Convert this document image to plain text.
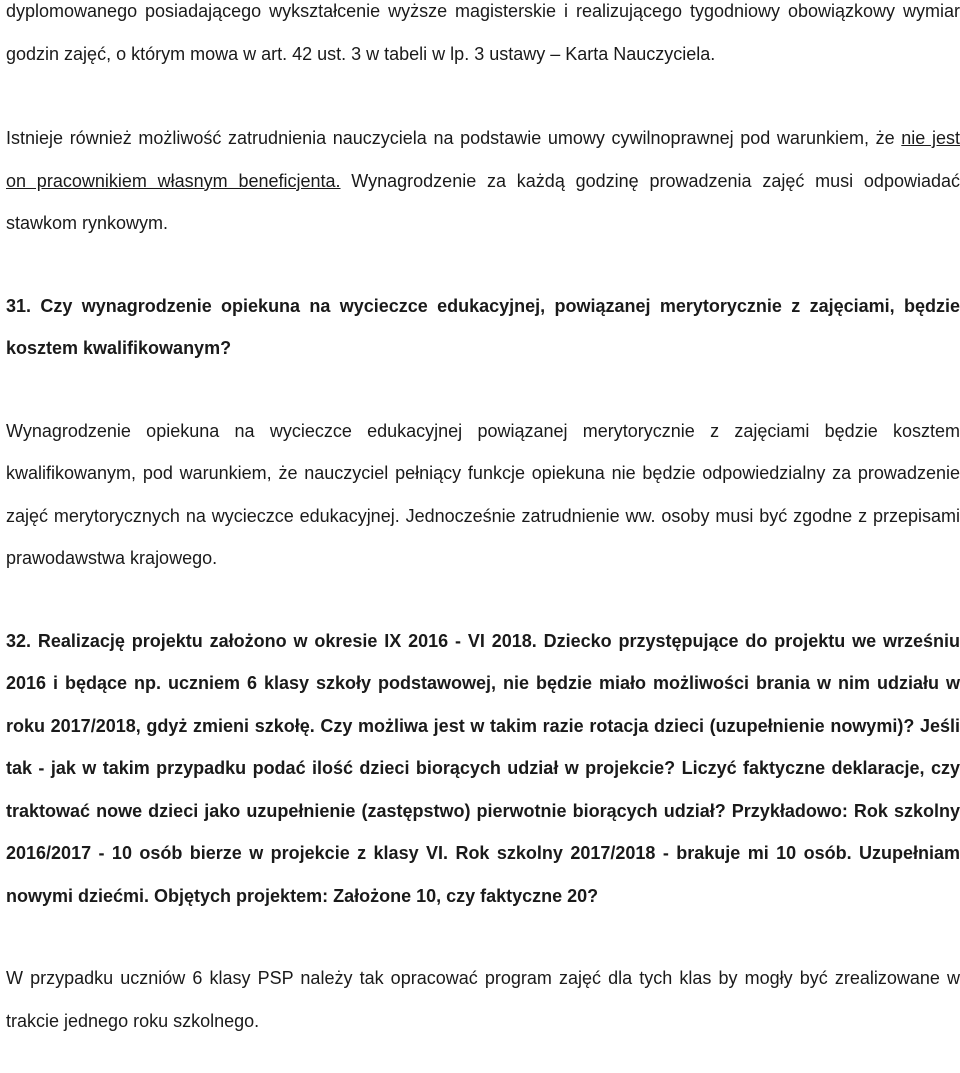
dyplomowanego posiadającego wykształcenie wyższe magisterskie i realizującego tygodniowy obowiązkowy wymiar godzin zajęć, o którym mowa w art. 42 ust. 3 w tabeli w lp. 3 ustawy – Karta Nauczyciela.

Istnieje również możliwość zatrudnienia nauczyciela na podstawie umowy cywilnoprawnej pod warunkiem, że nie jest on pracownikiem własnym beneficjenta. Wynagrodzenie za każdą godzinę prowadzenia zajęć musi odpowiadać stawkom rynkowym.

31. Czy wynagrodzenie opiekuna na wycieczce edukacyjnej, powiązanej merytorycznie z zajęciami, będzie kosztem kwalifikowanym?

Wynagrodzenie opiekuna na wycieczce edukacyjnej powiązanej merytorycznie z zajęciami będzie kosztem kwalifikowanym, pod warunkiem, że nauczyciel pełniący funkcje opiekuna nie będzie odpowiedzialny za prowadzenie zajęć merytorycznych na wycieczce edukacyjnej. Jednocześnie zatrudnienie ww. osoby musi być zgodne z przepisami prawodawstwa krajowego.

32. Realizację projektu założono w okresie IX 2016 - VI 2018. Dziecko przystępujące do projektu we wrześniu 2016 i będące np. uczniem 6 klasy szkoły podstawowej, nie będzie miało możliwości brania w nim udziału w roku 2017/2018, gdyż zmieni szkołę. Czy możliwa jest w takim razie rotacja dzieci (uzupełnienie nowymi)? Jeśli tak - jak w takim przypadku podać ilość dzieci biorących udział w projekcie? Liczyć faktyczne deklaracje, czy traktować nowe dzieci jako uzupełnienie (zastępstwo) pierwotnie biorących udział? Przykładowo: Rok szkolny 2016/2017 - 10 osób bierze w projekcie z klasy VI. Rok szkolny 2017/2018 - brakuje mi 10 osób. Uzupełniam nowymi dziećmi. Objętych projektem: Założone 10, czy faktyczne 20?

W przypadku uczniów 6 klasy PSP należy tak opracować program zajęć dla tych klas by mogły być zrealizowane w trakcie jednego roku szkolnego.
